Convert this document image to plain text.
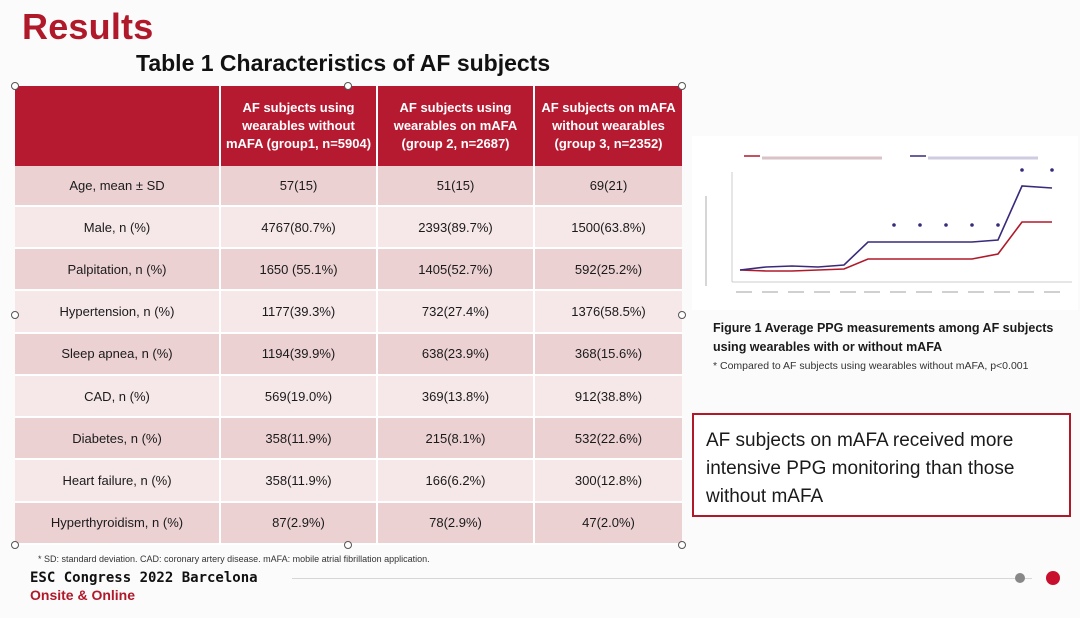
Results
Table 1 Characteristics of AF subjects
	AF subjects using wearables without mAFA (group1, n=5904)	AF subjects using wearables on mAFA (group 2, n=2687)	AF subjects on mAFA without wearables (group 3, n=2352)
Age, mean ± SD	57(15)	51(15)	69(21)
Male, n (%)	4767(80.7%)	2393(89.7%)	1500(63.8%)
Palpitation, n (%)	1650 (55.1%)	1405(52.7%)	592(25.2%)
Hypertension, n (%)	1177(39.3%)	732(27.4%)	1376(58.5%)
Sleep apnea, n (%)	1194(39.9%)	638(23.9%)	368(15.6%)
CAD, n (%)	569(19.0%)	369(13.8%)	912(38.8%)
Diabetes, n (%)	358(11.9%)	215(8.1%)	532(22.6%)
Heart failure, n (%)	358(11.9%)	166(6.2%)	300(12.8%)
Hyperthyroidism, n (%)	87(2.9%)	78(2.9%)	47(2.0%)
Figure 1 Average PPG measurements among AF subjects using wearables with or without mAFA
* Compared to AF subjects using wearables without mAFA, p<0.001
AF subjects on mAFA received more intensive PPG monitoring than those without mAFA
* SD: standard deviation. CAD: coronary artery disease. mAFA: mobile atrial fibrillation application.
ESC Congress 2022 Barcelona
Onsite & Online
